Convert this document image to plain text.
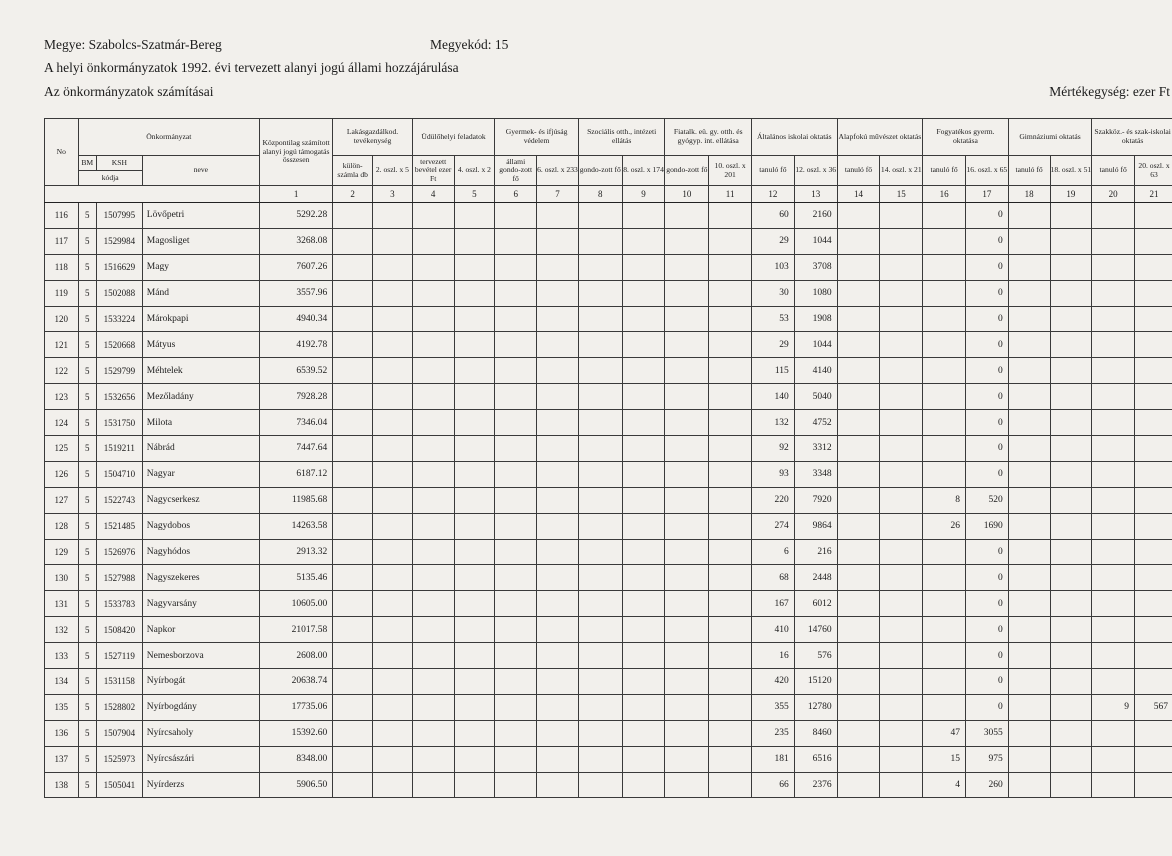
Megye: Szabolcs-Szatmár-Bereg	Megyekód: 15
A helyi önkormányzatok 1992. évi tervezett alanyi jogú állami hozzájárulása
Az önkormányzatok számításai	Mértékegység: ezer Ft
No	Önkormányzat			Központilag számított alanyi jogú támogatás összesen	Lakásgazdálkod. tevékenység		Üdülőhelyi feladatok		Gyermek- és ifjúság védelem		Szociális otth., intézeti ellátás		Fiatalk. eü. gy. otth. és gyógyp. int. ellátása		Általános iskolai oktatás		Alapfokú művészet oktatás		Fogyatékos gyerm. oktatása		Gimnáziumi oktatás		Szakköz.- és szak-iskolai oktatás	
	BM	KSH	neve		külön-számla db	2. oszl. x 5	tervezett bevétel ezer Ft	4. oszl. x 2	állami gondo-zott fő	6. oszl. x 233	gondo-zott fő	8. oszl. x 174	gondo-zott fő	10. oszl. x 201	tanuló fő	12. oszl. x 36	tanuló fő	14. oszl. x 21	tanuló fő	16. oszl. x 65	tanuló fő	18. oszl. x 51	tanuló fő	20. oszl. x 63
	kódja																							
				1	2	3	4	5	6	7	8	9	10	11	12	13	14	15	16	17	18	19	20	21
116	5	1507995	Lövőpetri	5292.28											60	2160				0				
117	5	1529984	Magosliget	3268.08											29	1044				0				
118	5	1516629	Magy	7607.26											103	3708				0				
119	5	1502088	Mánd	3557.96											30	1080				0				
120	5	1533224	Márokpapi	4940.34											53	1908				0				
121	5	1520668	Mátyus	4192.78											29	1044				0				
122	5	1529799	Méhtelek	6539.52											115	4140				0				
123	5	1532656	Mezőladány	7928.28											140	5040				0				
124	5	1531750	Milota	7346.04											132	4752				0				
125	5	1519211	Nábrád	7447.64											92	3312				0				
126	5	1504710	Nagyar	6187.12											93	3348				0				
127	5	1522743	Nagycserkesz	11985.68											220	7920			8	520				
128	5	1521485	Nagydobos	14263.58											274	9864			26	1690				
129	5	1526976	Nagyhódos	2913.32											6	216				0				
130	5	1527988	Nagyszekeres	5135.46											68	2448				0				
131	5	1533783	Nagyvarsány	10605.00											167	6012				0				
132	5	1508420	Napkor	21017.58											410	14760				0				
133	5	1527119	Nemesborzova	2608.00											16	576				0				
134	5	1531158	Nyírbogát	20638.74											420	15120				0				
135	5	1528802	Nyírbogdány	17735.06											355	12780				0			9	567
136	5	1507904	Nyírcsaholy	15392.60											235	8460			47	3055				
137	5	1525973	Nyírcsászári	8348.00											181	6516			15	975				
138	5	1505041	Nyírderzs	5906.50											66	2376			4	260				
